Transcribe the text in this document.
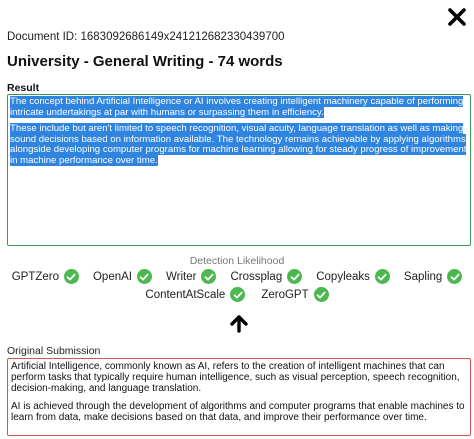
Document ID: 1683092686149x241212682330439700
University - General Writing - 74 words
Result

The concept behind Artificial Intelligence or AI involves creating intelligent machinery capable of performing intricate undertakings at par with humans or surpassing them in efficiency.

These include but aren't limited to speech recognition, visual acuity, language translation as well as making sound decisions based on information available. The technology remains achievable by applying algorithms alongside developing computer programs for machine learning allowing for steady progress of improvement in machine performance over time.

Detection Likelihood
GPTZero	OpenAI	Writer	Crossplag	Copyleaks	Sapling
ContentAtScale	ZeroGPT
Original Submission

Artificial Intelligence, commonly known as AI, refers to the creation of intelligent machines that can perform tasks that typically require human intelligence, such as visual perception, speech recognition, decision-making, and language translation.

AI is achieved through the development of algorithms and computer programs that enable machines to learn from data, make decisions based on that data, and improve their performance over time.
